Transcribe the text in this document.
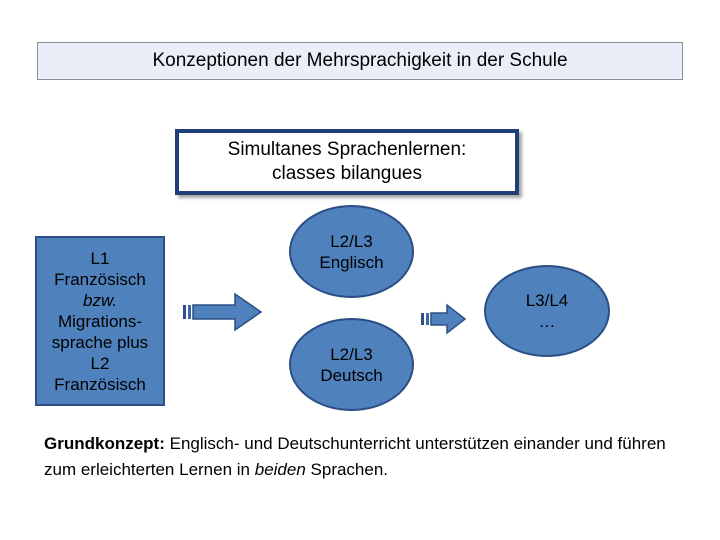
Konzeptionen der Mehrsprachigkeit in der Schule
Simultanes Sprachenlernen:
classes bilangues
L1
Französisch
bzw.
Migrations-
sprache plus
L2
Französisch
L2/L3
Englisch
L2/L3
Deutsch
L3/L4
…
Grundkonzept: Englisch- und Deutschunterricht unterstützen einander und führen zum erleichterten Lernen in beiden Sprachen.
